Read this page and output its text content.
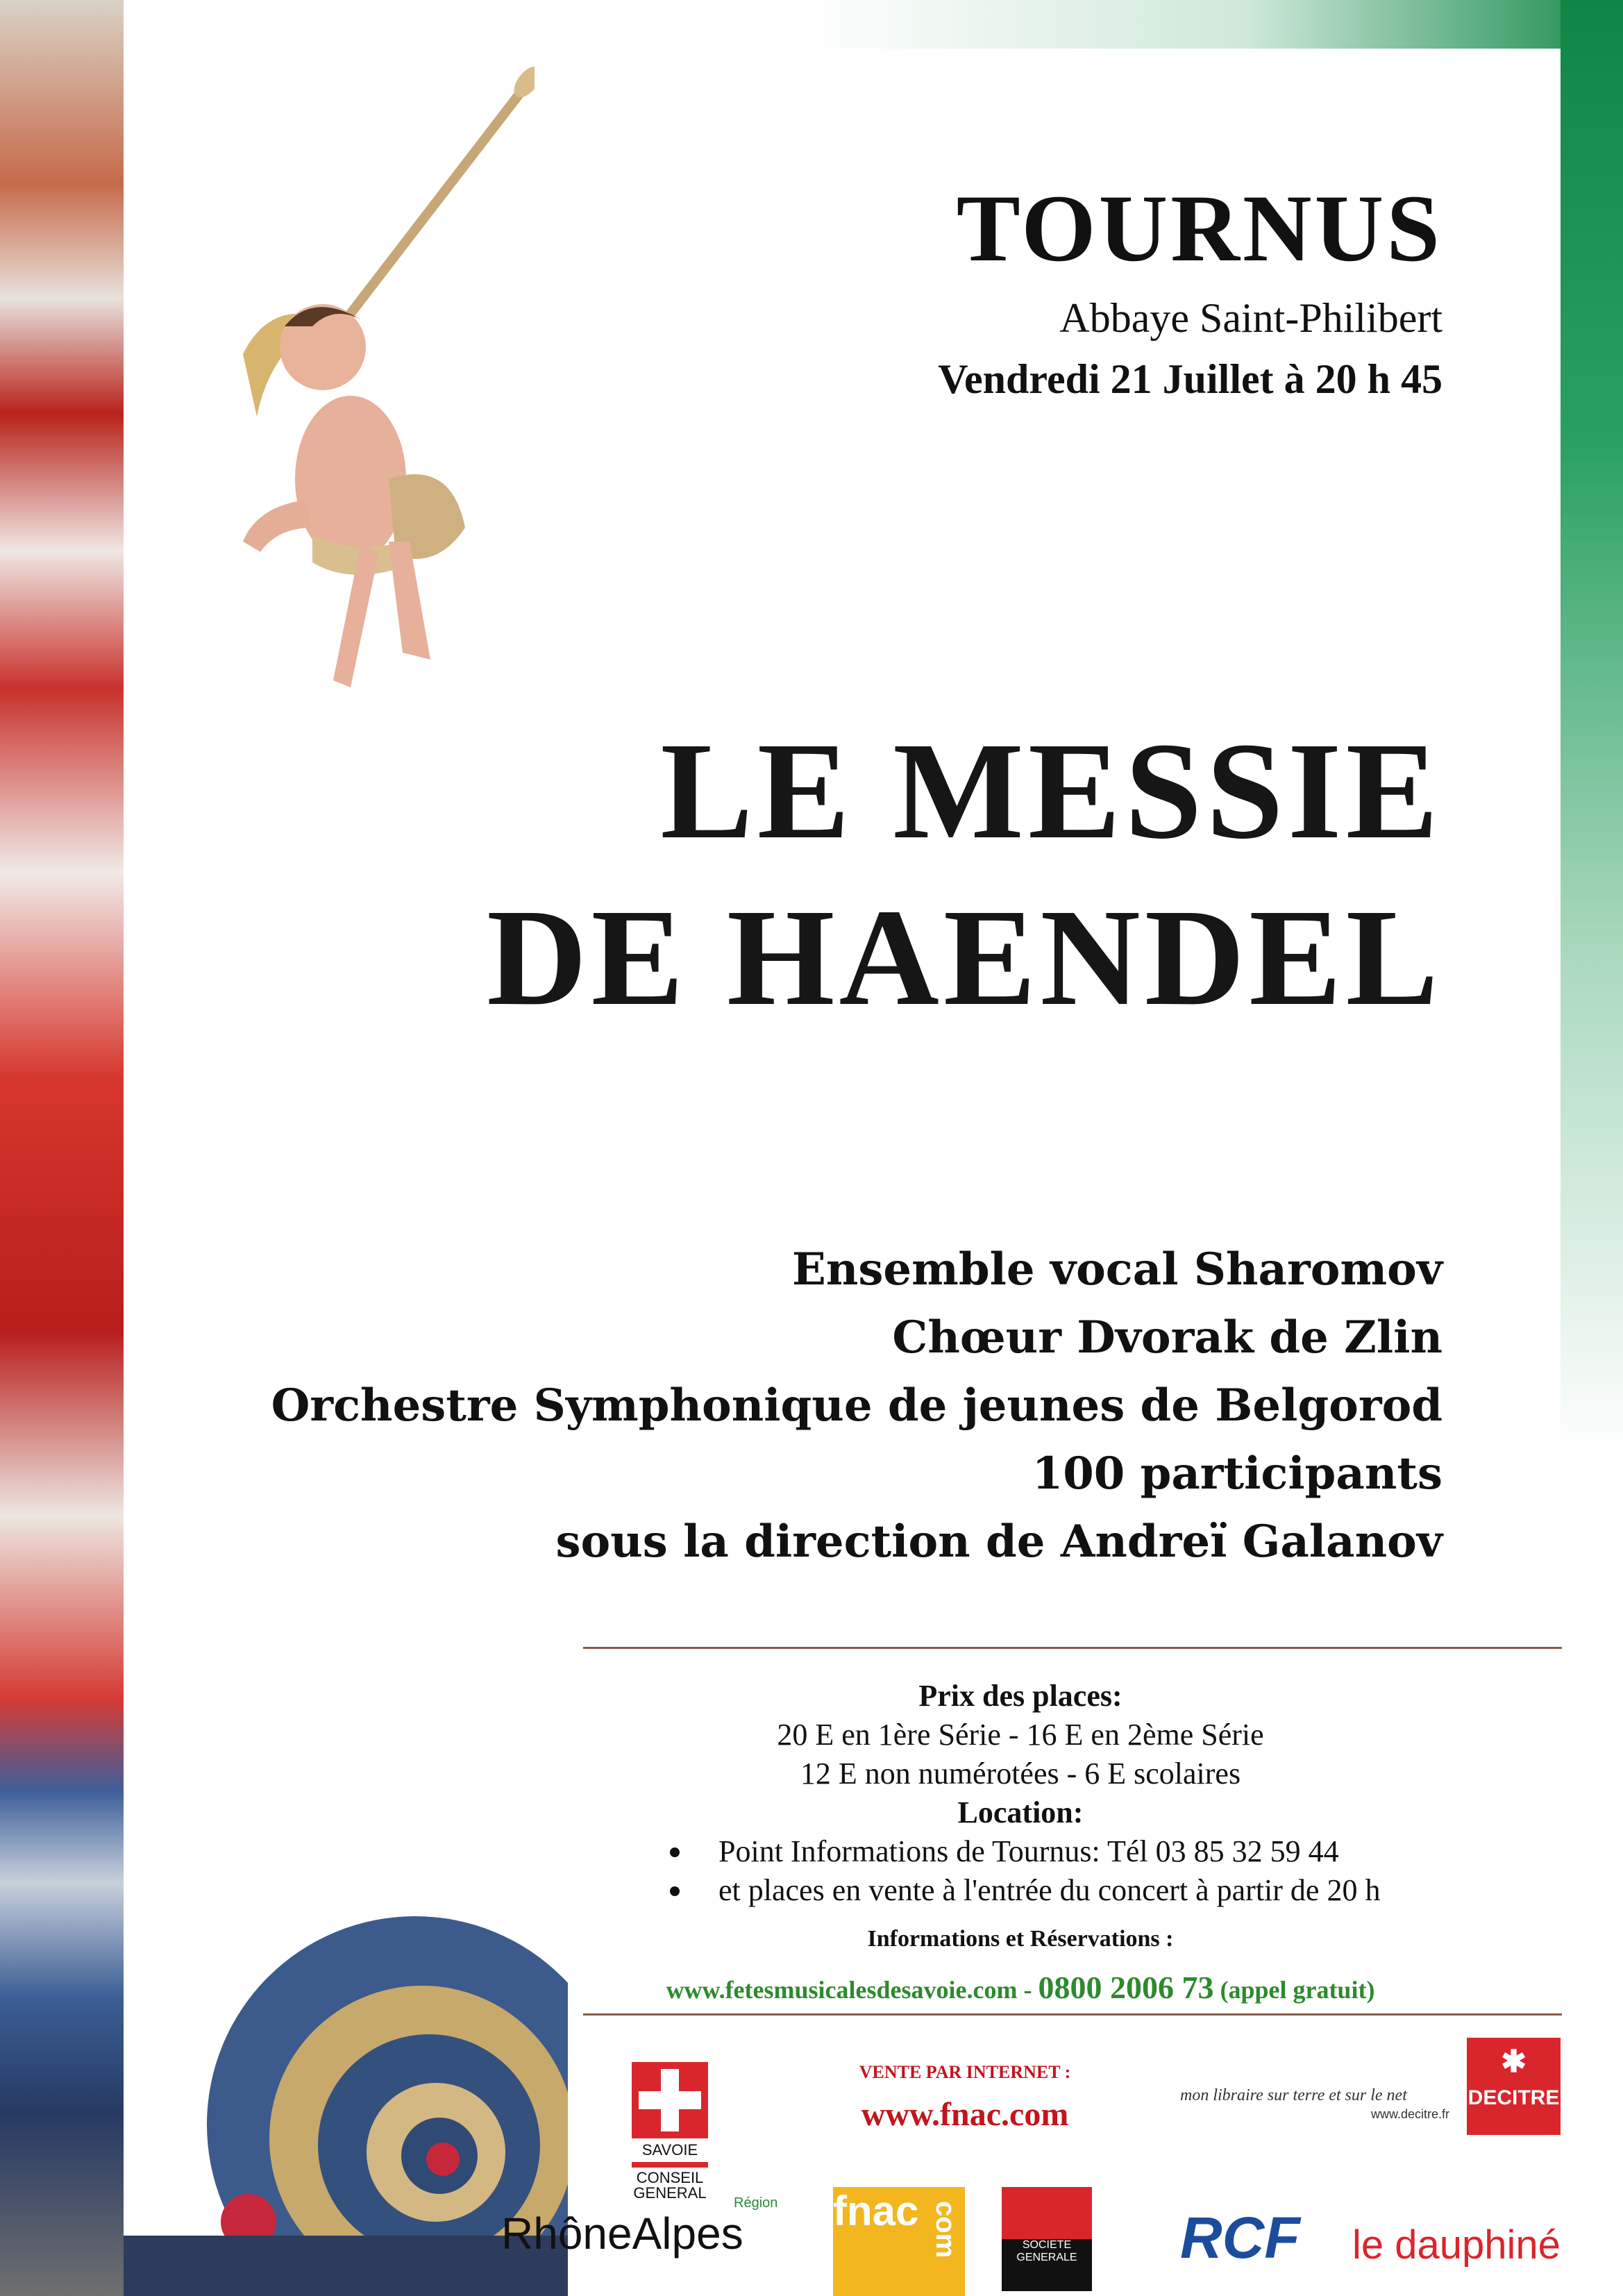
TOURNUS
Abbaye Saint-Philibert
Vendredi 21 Juillet à 20 h 45
LE MESSIE
DE HAENDEL
Ensemble vocal Sharomov
Chœur Dvorak de Zlin
Orchestre Symphonique de jeunes de Belgorod
100 participants
sous la direction de Andreï Galanov
Prix des places:
20 E en 1ère Série - 16 E en 2ème Série
12 E non numérotées - 6 E scolaires
Location:
Point Informations de Tournus: Tél 03 85 32 59 44
et places en vente à l'entrée du concert à partir de 20 h
Informations et Réservations :
www.fetesmusicalesdesavoie.com - 0800 2006 73 (appel gratuit)
SAVOIE
CONSEIL
GENERAL
VENTE PAR INTERNET :
www.fnac.com
mon libraire sur terre et sur le net
www.decitre.fr
✱
DECITRE
Région
RhôneAlpes fnac com	SOCIETE
GENERALE RCF le dauphiné
